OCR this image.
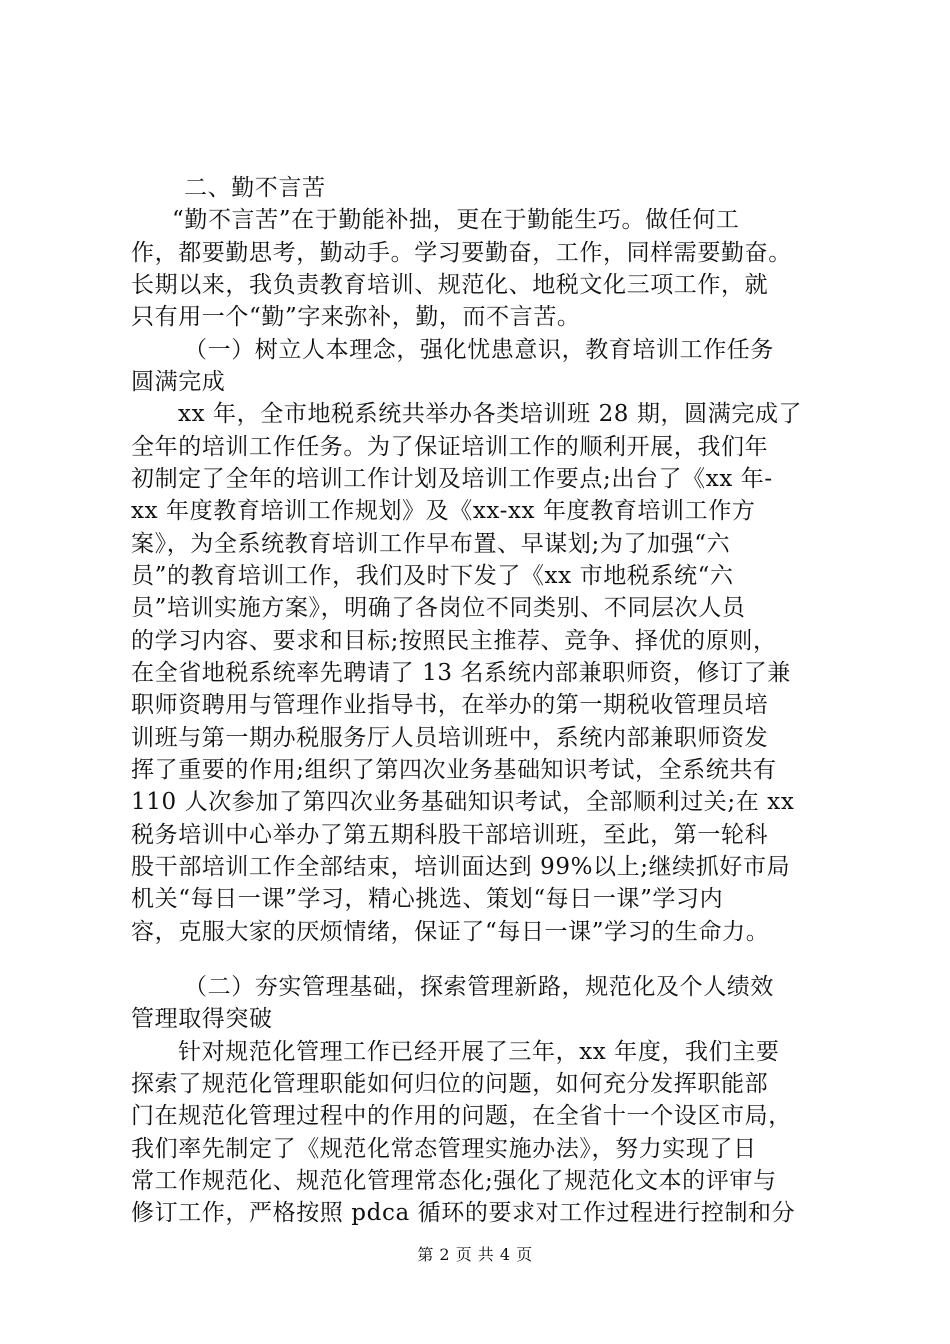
二、勤不言苦
“勤不言苦”在于勤能补拙，更在于勤能生巧。做任何工
作，都要勤思考，勤动手。学习要勤奋，工作，同样需要勤奋。
长期以来，我负责教育培训、规范化、地税文化三项工作，就
只有用一个“勤”字来弥补，勤，而不言苦。
（一）树立人本理念，强化忧患意识，教育培训工作任务
圆满完成
xx 年，全市地税系统共举办各类培训班 28 期，圆满完成了
全年的培训工作任务。为了保证培训工作的顺利开展，我们年
初制定了全年的培训工作计划及培训工作要点;出台了《xx 年-
xx 年度教育培训工作规划》及《xx-xx 年度教育培训工作方
案》，为全系统教育培训工作早布置、早谋划;为了加强“六
员”的教育培训工作，我们及时下发了《xx 市地税系统“六
员”培训实施方案》，明确了各岗位不同类别、不同层次人员
的学习内容、要求和目标;按照民主推荐、竞争、择优的原则，
在全省地税系统率先聘请了 13 名系统内部兼职师资，修订了兼
职师资聘用与管理作业指导书，在举办的第一期税收管理员培
训班与第一期办税服务厅人员培训班中，系统内部兼职师资发
挥了重要的作用;组织了第四次业务基础知识考试，全系统共有
110 人次参加了第四次业务基础知识考试，全部顺利过关;在 xx
税务培训中心举办了第五期科股干部培训班，至此，第一轮科
股干部培训工作全部结束，培训面达到 99%以上;继续抓好市局
机关“每日一课”学习，精心挑选、策划“每日一课”学习内
容，克服大家的厌烦情绪，保证了“每日一课”学习的生命力。
（二）夯实管理基础，探索管理新路，规范化及个人绩效
管理取得突破
针对规范化管理工作已经开展了三年，xx 年度，我们主要
探索了规范化管理职能如何归位的问题，如何充分发挥职能部
门在规范化管理过程中的作用的问题，在全省十一个设区市局，
我们率先制定了《规范化常态管理实施办法》，努力实现了日
常工作规范化、规范化管理常态化;强化了规范化文本的评审与
修订工作，严格按照 pdca 循环的要求对工作过程进行控制和分
第 2 页 共 4 页
